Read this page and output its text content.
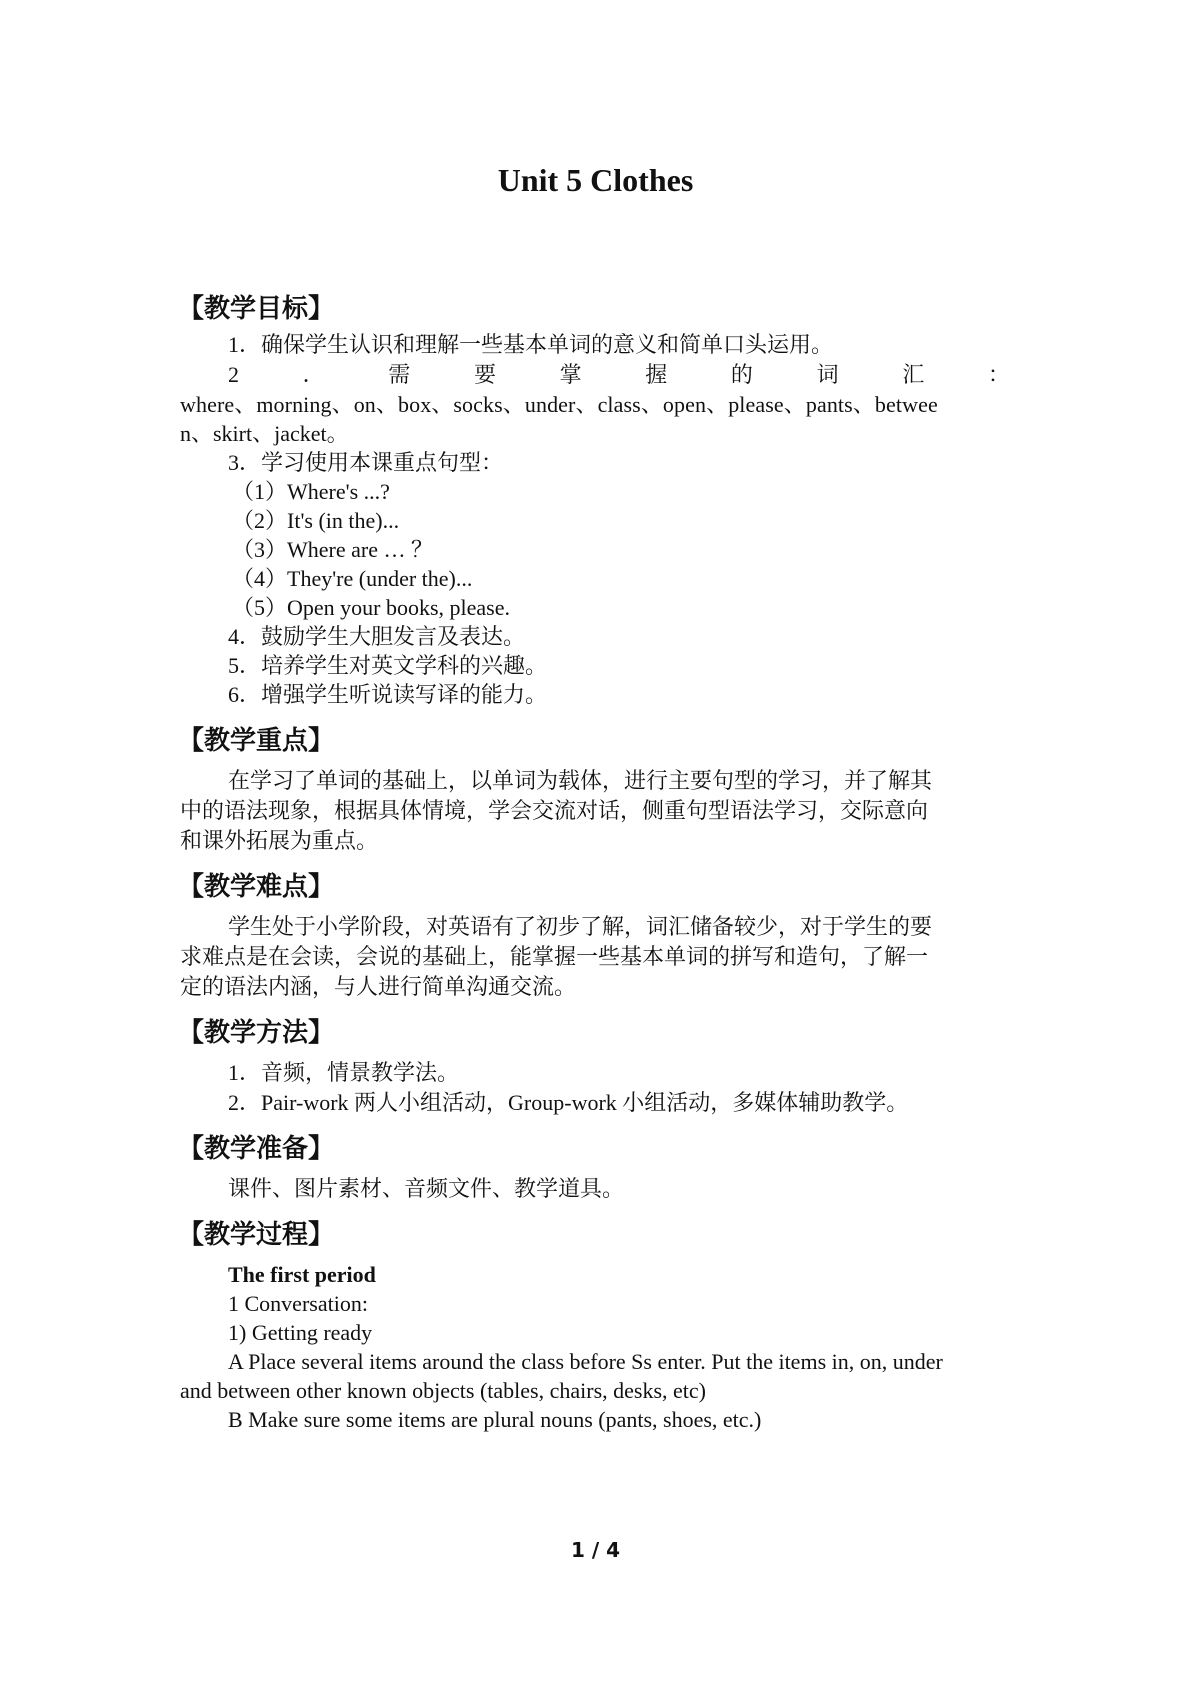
Unit 5 Clothes
【教学目标】
1．确保学生认识和理解一些基本单词的意义和简单口头运用。
2	．	需	要	掌	握	的	词	汇	：
where、morning、on、box、socks、under、class、open、please、pants、betwee
n、skirt、jacket。
3．学习使用本课重点句型：
（1）Where's ...?
（2）It's (in the)...
（3）Where are … ？
（4）They're (under the)...
（5）Open your books, please.
4．鼓励学生大胆发言及表达。
5．培养学生对英文学科的兴趣。
6．增强学生听说读写译的能力。
【教学重点】
在学习了单词的基础上，以单词为载体，进行主要句型的学习，并了解其
中的语法现象，根据具体情境，学会交流对话，侧重句型语法学习，交际意向
和课外拓展为重点。
【教学难点】
学生处于小学阶段，对英语有了初步了解，词汇储备较少，对于学生的要
求难点是在会读，会说的基础上，能掌握一些基本单词的拼写和造句，了解一
定的语法内涵，与人进行简单沟通交流。
【教学方法】
1．音频，情景教学法。
2．Pair-work 两人小组活动，Group-work 小组活动，多媒体辅助教学。
【教学准备】
课件、图片素材、音频文件、教学道具。
【教学过程】
The first period
1 Conversation:
1) Getting ready
A Place several items around the class before Ss enter. Put the items in, on, under
and between other known objects (tables, chairs, desks, etc)
B Make sure some items are plural nouns (pants, shoes, etc.)
1 / 4
